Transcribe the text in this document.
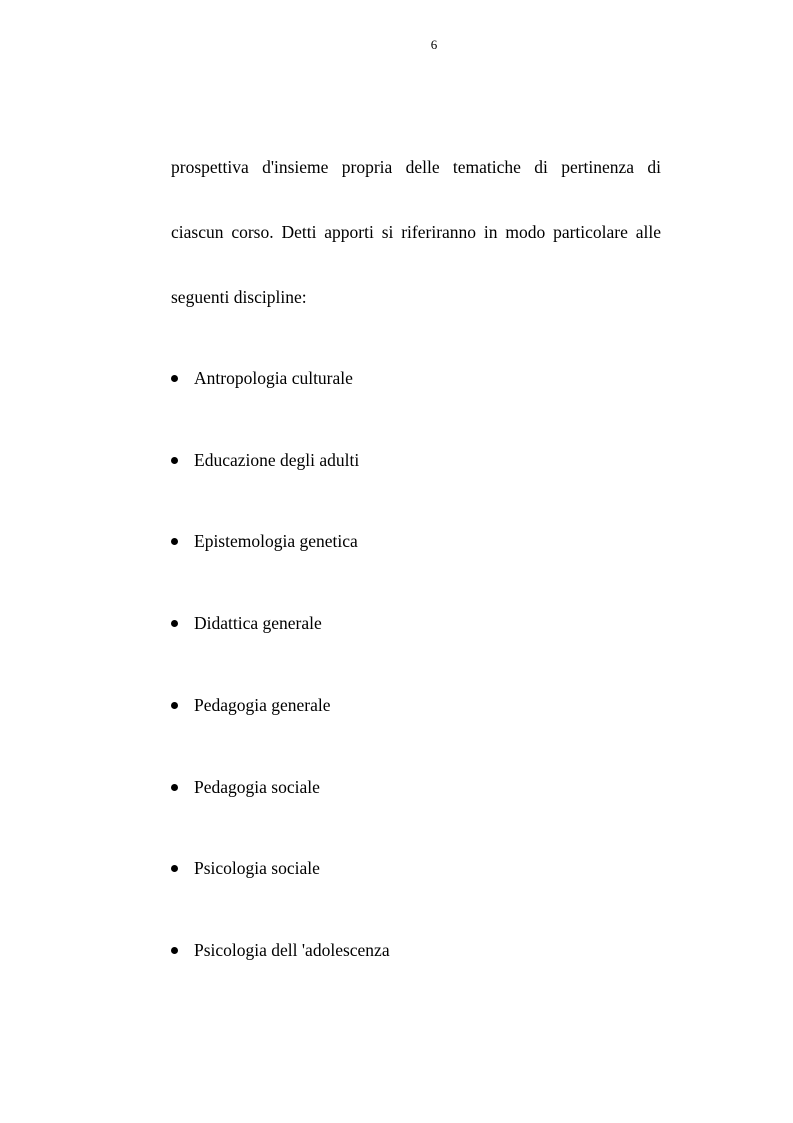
6
prospettiva d'insieme propria delle tematiche di pertinenza di
ciascun corso. Detti apporti si riferiranno in modo particolare alle
seguenti discipline:
Antropologia culturale
Educazione degli adulti
Epistemologia genetica
Didattica generale
Pedagogia generale
Pedagogia sociale
Psicologia sociale
Psicologia dell 'adolescenza
